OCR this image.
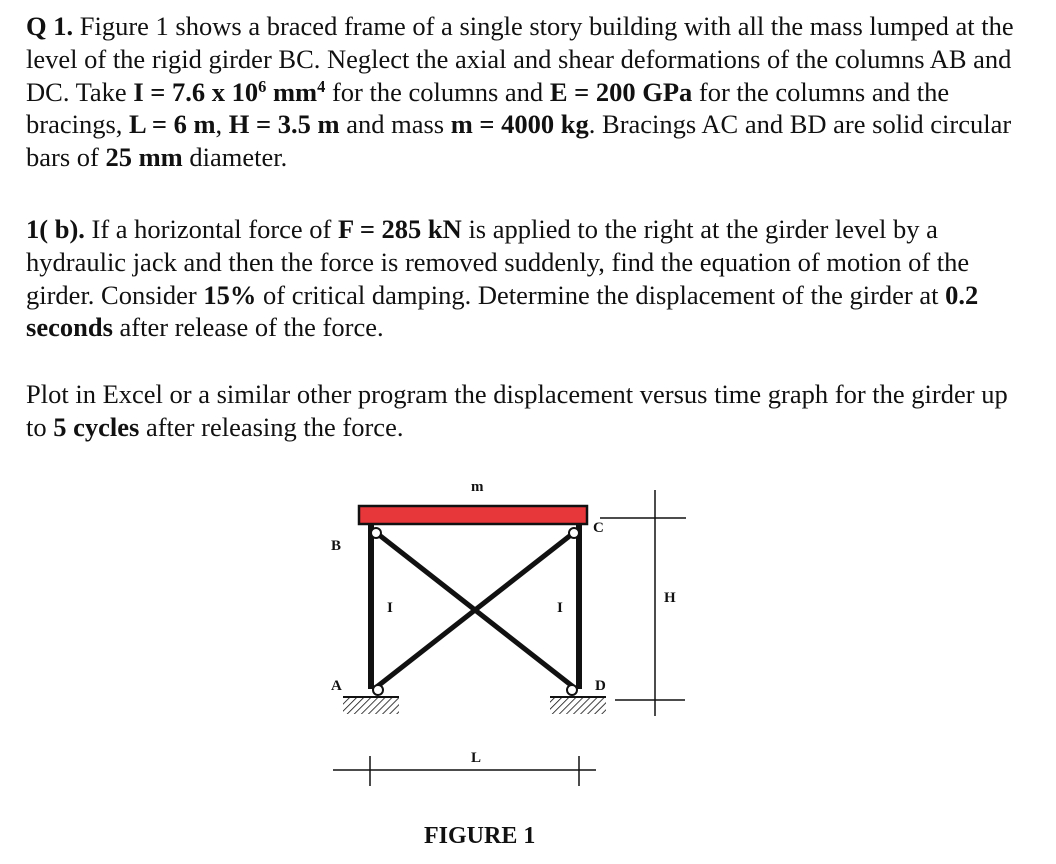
Q 1. Figure 1 shows a braced frame of a single story building with all the mass lumped at the level of the rigid girder BC. Neglect the axial and shear deformations of the columns AB and DC. Take I = 7.6 x $10^6$ $mm^4$ for the columns and E = 200 GPa for the columns and the bracings, L = 6 m, H = 3.5 m and mass m = 4000 kg. Bracings AC and BD are solid circular bars of 25 mm diameter.

1( b). If a horizontal force of F = 285 kN is applied to the right at the girder level by a hydraulic jack and then the force is removed suddenly, find the equation of motion of the girder. Consider 15% of critical damping. Determine the displacement of the girder at 0.2 seconds after release of the force.

Plot in Excel or a similar other program the displacement versus time graph for the girder up to 5 cycles after releasing the force.

m
B
C
A	D
I	I
H
L
FIGURE 1
